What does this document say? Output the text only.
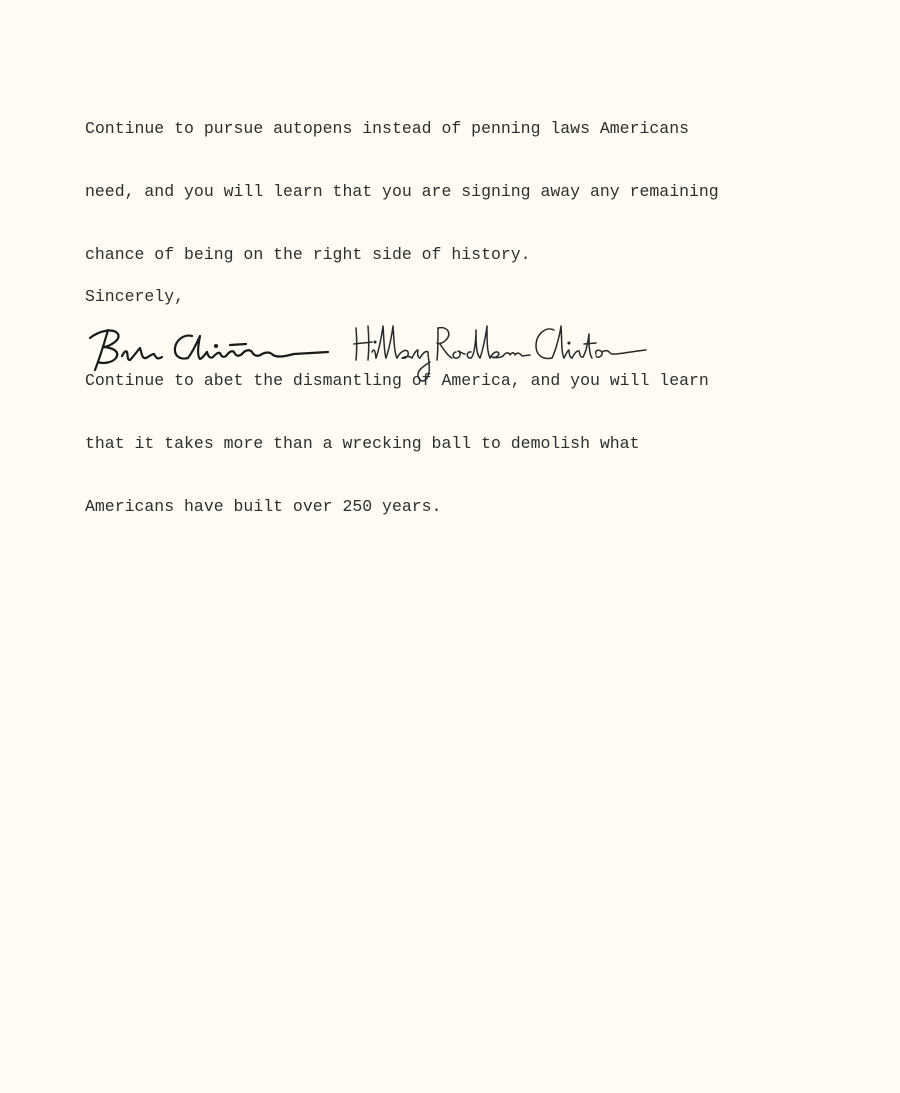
Continue to pursue autopens instead of penning laws Americans

need, and you will learn that you are signing away any remaining

chance of being on the right side of history.

Continue to abet the dismantling of America, and you will learn

that it takes more than a wrecking ball to demolish what

Americans have built over 250 years.

Sincerely,
